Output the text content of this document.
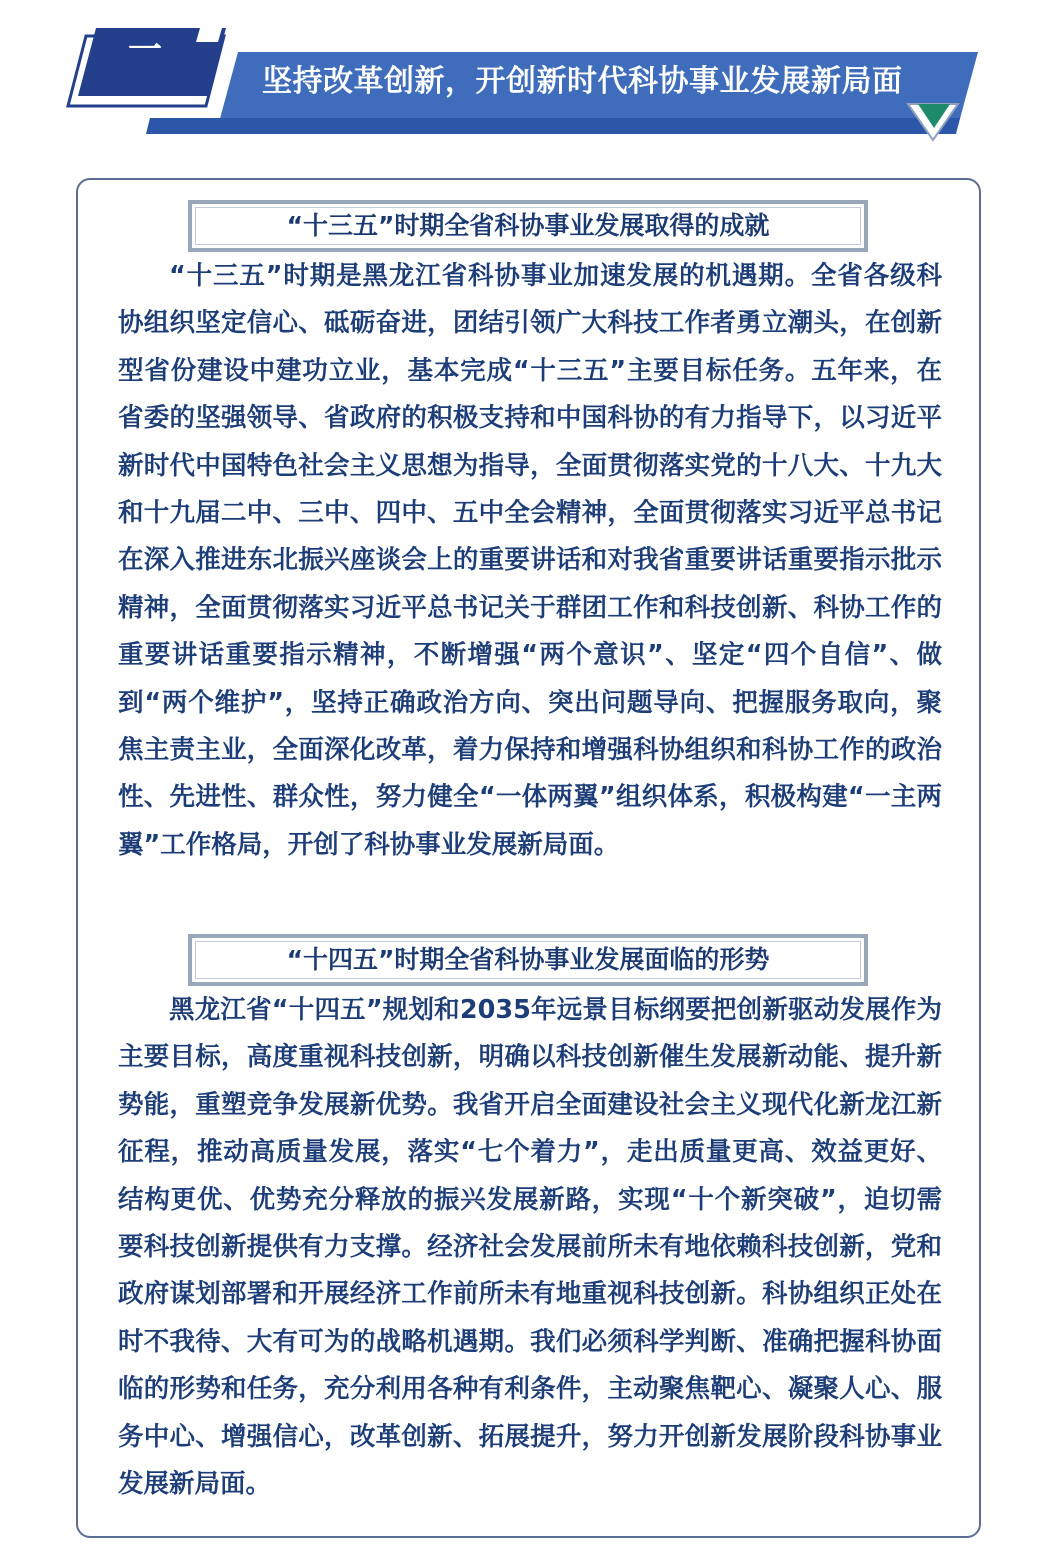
一
坚持改革创新，开创新时代科协事业发展新局面
“十三五”时期全省科协事业发展取得的成就

“十三五”时期是黑龙江省科协事业加速发展的机遇期。全省各级科协组织坚定信心、砥砺奋进，团结引领广大科技工作者勇立潮头，在创新型省份建设中建功立业，基本完成“十三五”主要目标任务。五年来，在省委的坚强领导、省政府的积极支持和中国科协的有力指导下，以习近平新时代中国特色社会主义思想为指导，全面贯彻落实党的十八大、十九大和十九届二中、三中、四中、五中全会精神，全面贯彻落实习近平总书记在深入推进东北振兴座谈会上的重要讲话和对我省重要讲话重要指示批示精神，全面贯彻落实习近平总书记关于群团工作和科技创新、科协工作的重要讲话重要指示精神，不断增强“两个意识”、坚定“四个自信”、做到“两个维护”，坚持正确政治方向、突出问题导向、把握服务取向，聚焦主责主业，全面深化改革，着力保持和增强科协组织和科协工作的政治性、先进性、群众性，努力健全“一体两翼”组织体系，积极构建“一主两翼”工作格局，开创了科协事业发展新局面。

“十四五”时期全省科协事业发展面临的形势

黑龙江省“十四五”规划和2035年远景目标纲要把创新驱动发展作为主要目标，高度重视科技创新，明确以科技创新催生发展新动能、提升新势能，重塑竞争发展新优势。我省开启全面建设社会主义现代化新龙江新征程，推动高质量发展，落实“七个着力”，走出质量更高、效益更好、结构更优、优势充分释放的振兴发展新路，实现“十个新突破”，迫切需要科技创新提供有力支撑。经济社会发展前所未有地依赖科技创新，党和政府谋划部署和开展经济工作前所未有地重视科技创新。科协组织正处在时不我待、大有可为的战略机遇期。我们必须科学判断、准确把握科协面临的形势和任务，充分利用各种有利条件，主动聚焦靶心、凝聚人心、服务中心、增强信心，改革创新、拓展提升，努力开创新发展阶段科协事业发展新局面。
